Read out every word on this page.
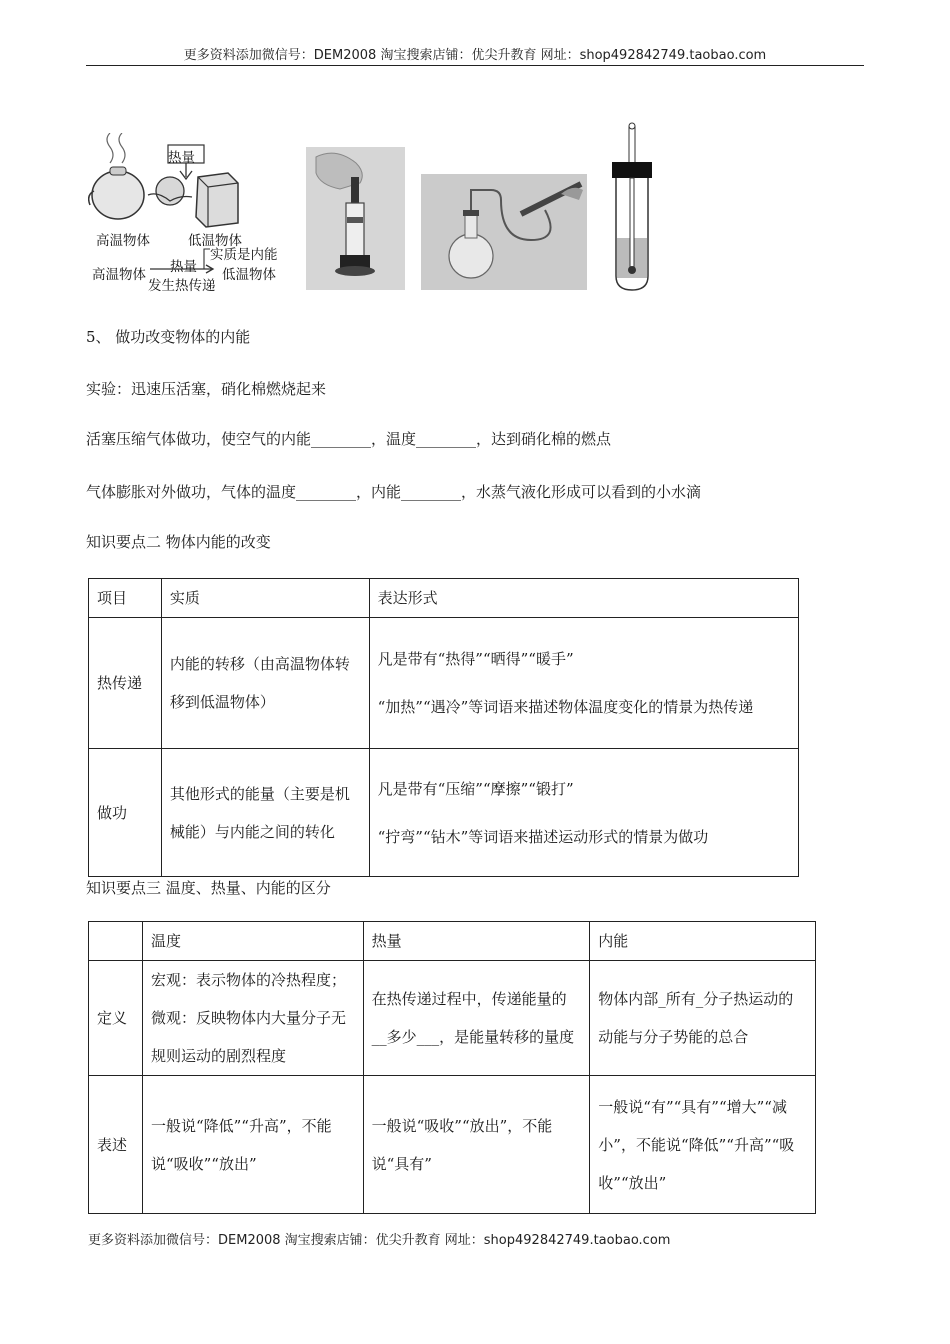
更多资料添加微信号：DEM2008 淘宝搜索店铺：优尖升教育 网址：shop492842749.taobao.com
热量
高温物体	低温物体
实质是内能
高温物体 热量 低温物体
发生热传递
5、 做功改变物体的内能
实验：迅速压活塞，硝化棉燃烧起来
活塞压缩气体做功，使空气的内能________，温度________，达到硝化棉的燃点
气体膨胀对外做功，气体的温度________，内能________，水蒸气液化形成可以看到的小水滴
知识要点二 物体内能的改变
项目	实质	表达形式
热传递	内能的转移（由高温物体转移到低温物体）	凡是带有“热得”“晒得”“暖手”

“加热”“遇冷”等词语来描述物体温度变化的情景为热传递

做功	其他形式的能量（主要是机械能）与内能之间的转化	凡是带有“压缩”“摩擦”“锻打”

“拧弯”“钻木”等词语来描述运动形式的情景为做功

知识要点三 温度、热量、内能的区分
	温度	热量	内能
定义	宏观：表示物体的冷热程度；微观：反映物体内大量分子无规则运动的剧烈程度	在热传递过程中，传递能量的__多少___，是能量转移的量度	物体内部_所有_分子热运动的动能与分子势能的总合
表述	一般说“降低”“升高”，不能说“吸收”“放出”	一般说“吸收”“放出”，不能说“具有”	一般说“有”“具有”“增大”“减小”，不能说“降低”“升高”“吸收”“放出”
更多资料添加微信号：DEM2008 淘宝搜索店铺：优尖升教育 网址：shop492842749.taobao.com
